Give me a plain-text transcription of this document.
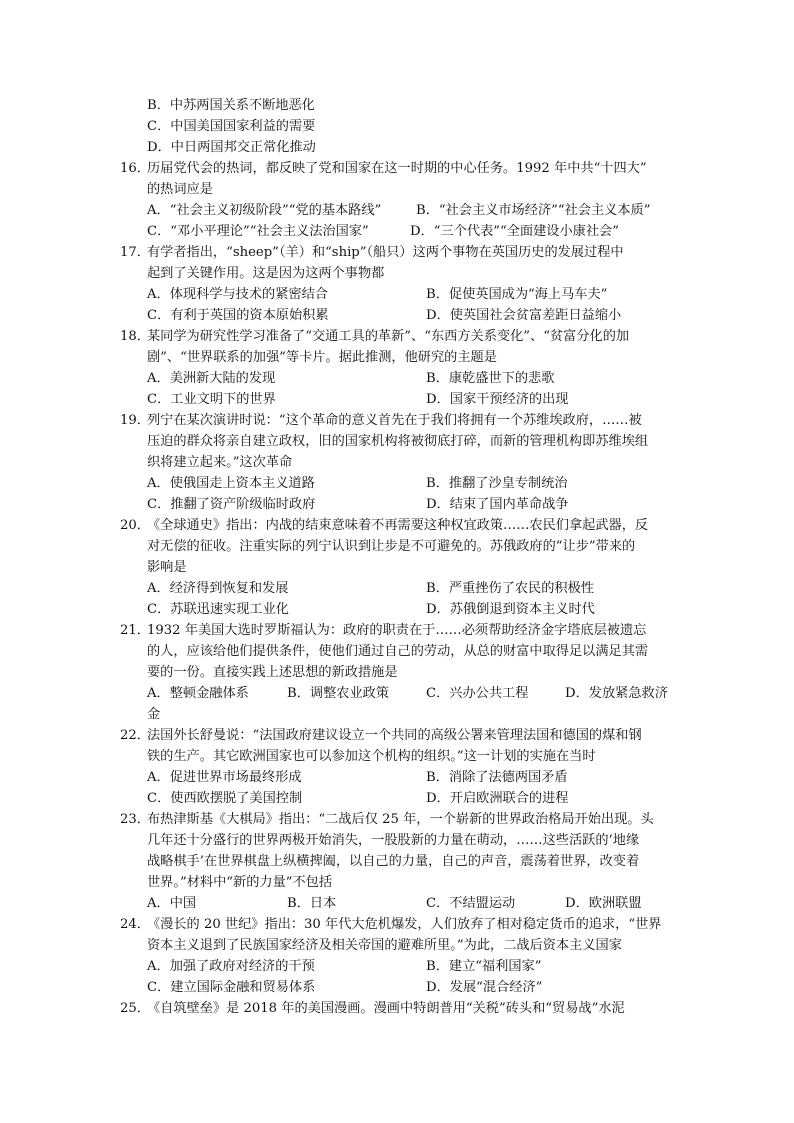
B．中苏两国关系不断地恶化
C．中国美国国家利益的需要
D．中日两国邦交正常化推动
16．
历届党代会的热词，都反映了党和国家在这一时期的中心任务。1992 年中共“十四大”
的热词应是
A．“社会主义初级阶段”“党的基本路线”	B．“社会主义市场经济”“社会主义本质”
C．“邓小平理论”“社会主义法治国家”	D．“三个代表”“全面建设小康社会”
17．
有学者指出，“sheep”（羊）和“ship”（船只）这两个事物在英国历史的发展过程中
起到了关键作用。这是因为这两个事物都
A．体现科学与技术的紧密结合	B．促使英国成为“海上马车夫”
C．有利于英国的资本原始积累	D．使英国社会贫富差距日益缩小
18．
某同学为研究性学习准备了“交通工具的革新”、“东西方关系变化”、“贫富分化的加
剧”、“世界联系的加强”等卡片。据此推测，他研究的主题是
A．美洲新大陆的发现	B．康乾盛世下的悲歌
C．工业文明下的世界	D．国家干预经济的出现
19．
列宁在某次演讲时说：“这个革命的意义首先在于我们将拥有一个苏维埃政府，……被
压迫的群众将亲自建立政权，旧的国家机构将被彻底打碎，而新的管理机构即苏维埃组
织将建立起来。”这次革命
A．使俄国走上资本主义道路	B．推翻了沙皇专制统治
C．推翻了资产阶级临时政府	D．结束了国内革命战争
20．
《全球通史》指出：内战的结束意味着不再需要这种权宜政策……农民们拿起武器，反
对无偿的征收。注重实际的列宁认识到让步是不可避免的。苏俄政府的“让步”带来的
影响是
A．经济得到恢复和发展	B．严重挫伤了农民的积极性
C．苏联迅速实现工业化	D．苏俄倒退到资本主义时代
21．
1932 年美国大选时罗斯福认为：政府的职责在于……必须帮助经济金字塔底层被遗忘
的人，应该给他们提供条件，使他们通过自己的劳动，从总的财富中取得足以满足其需
要的一份。直接实践上述思想的新政措施是
A．整顿金融体系	B．调整农业政策	C．兴办公共工程	D．发放紧急救济
金
22．
法国外长舒曼说：“法国政府建议设立一个共同的高级公署来管理法国和德国的煤和钢
铁的生产。其它欧洲国家也可以参加这个机构的组织。”这一计划的实施在当时
A．促进世界市场最终形成	B．消除了法德两国矛盾
C．使西欧摆脱了美国控制	D．开启欧洲联合的进程
23．
布热津斯基《大棋局》指出：“二战后仅 25 年，一个崭新的世界政治格局开始出现。头
几年还十分盛行的世界两极开始消失，一股股新的力量在萌动，……这些活跃的‘地缘
战略棋手’在世界棋盘上纵横捭阖，以自己的力量，自己的声音，震荡着世界，改变着
世界。”材料中“新的力量”不包括
A．中国	B．日本	C．不结盟运动	D．欧洲联盟
24．
《漫长的 20 世纪》指出：30 年代大危机爆发，人们放弃了相对稳定货币的追求，“世界
资本主义退到了民族国家经济及相关帝国的避难所里。”为此，二战后资本主义国家
A．加强了政府对经济的干预	B．建立“福利国家”
C．建立国际金融和贸易体系	D．发展“混合经济”
25．
《自筑壁垒》是 2018 年的美国漫画。漫画中特朗普用“关税”砖头和“贸易战”水泥
